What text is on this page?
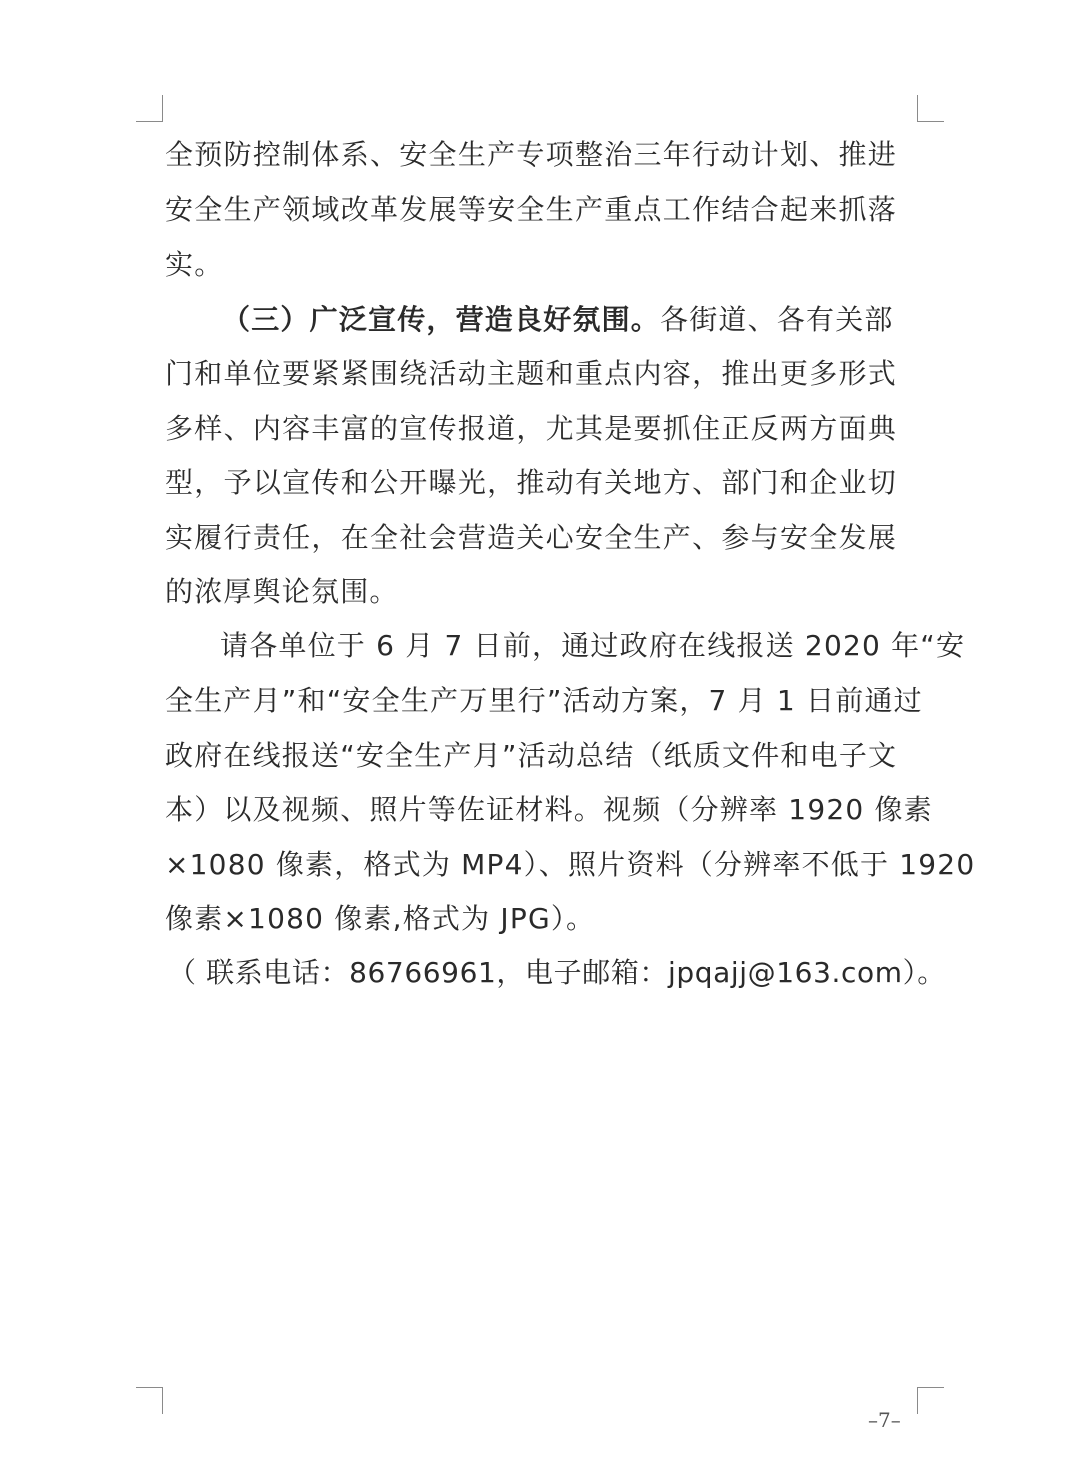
全预防控制体系、安全生产专项整治三年行动计划、推进
安全生产领域改革发展等安全生产重点工作结合起来抓落
实。
（三）广泛宣传，营造良好氛围。各街道、各有关部
门和单位要紧紧围绕活动主题和重点内容，推出更多形式
多样、内容丰富的宣传报道，尤其是要抓住正反两方面典
型，予以宣传和公开曝光，推动有关地方、部门和企业切
实履行责任，在全社会营造关心安全生产、参与安全发展
的浓厚舆论氛围。
请各单位于 6 月 7 日前，通过政府在线报送 2020 年“安
全生产月”和“安全生产万里行”活动方案，7 月 1 日前通过
政府在线报送“安全生产月”活动总结（纸质文件和电子文
本）以及视频、照片等佐证材料。视频（分辨率 1920 像素
×1080 像素，格式为 MP4）、照片资料（分辨率不低于 1920
像素×1080 像素,格式为 JPG）。
（ 联系电话：86766961，电子邮箱：jpqajj@163.com）。
–7–
